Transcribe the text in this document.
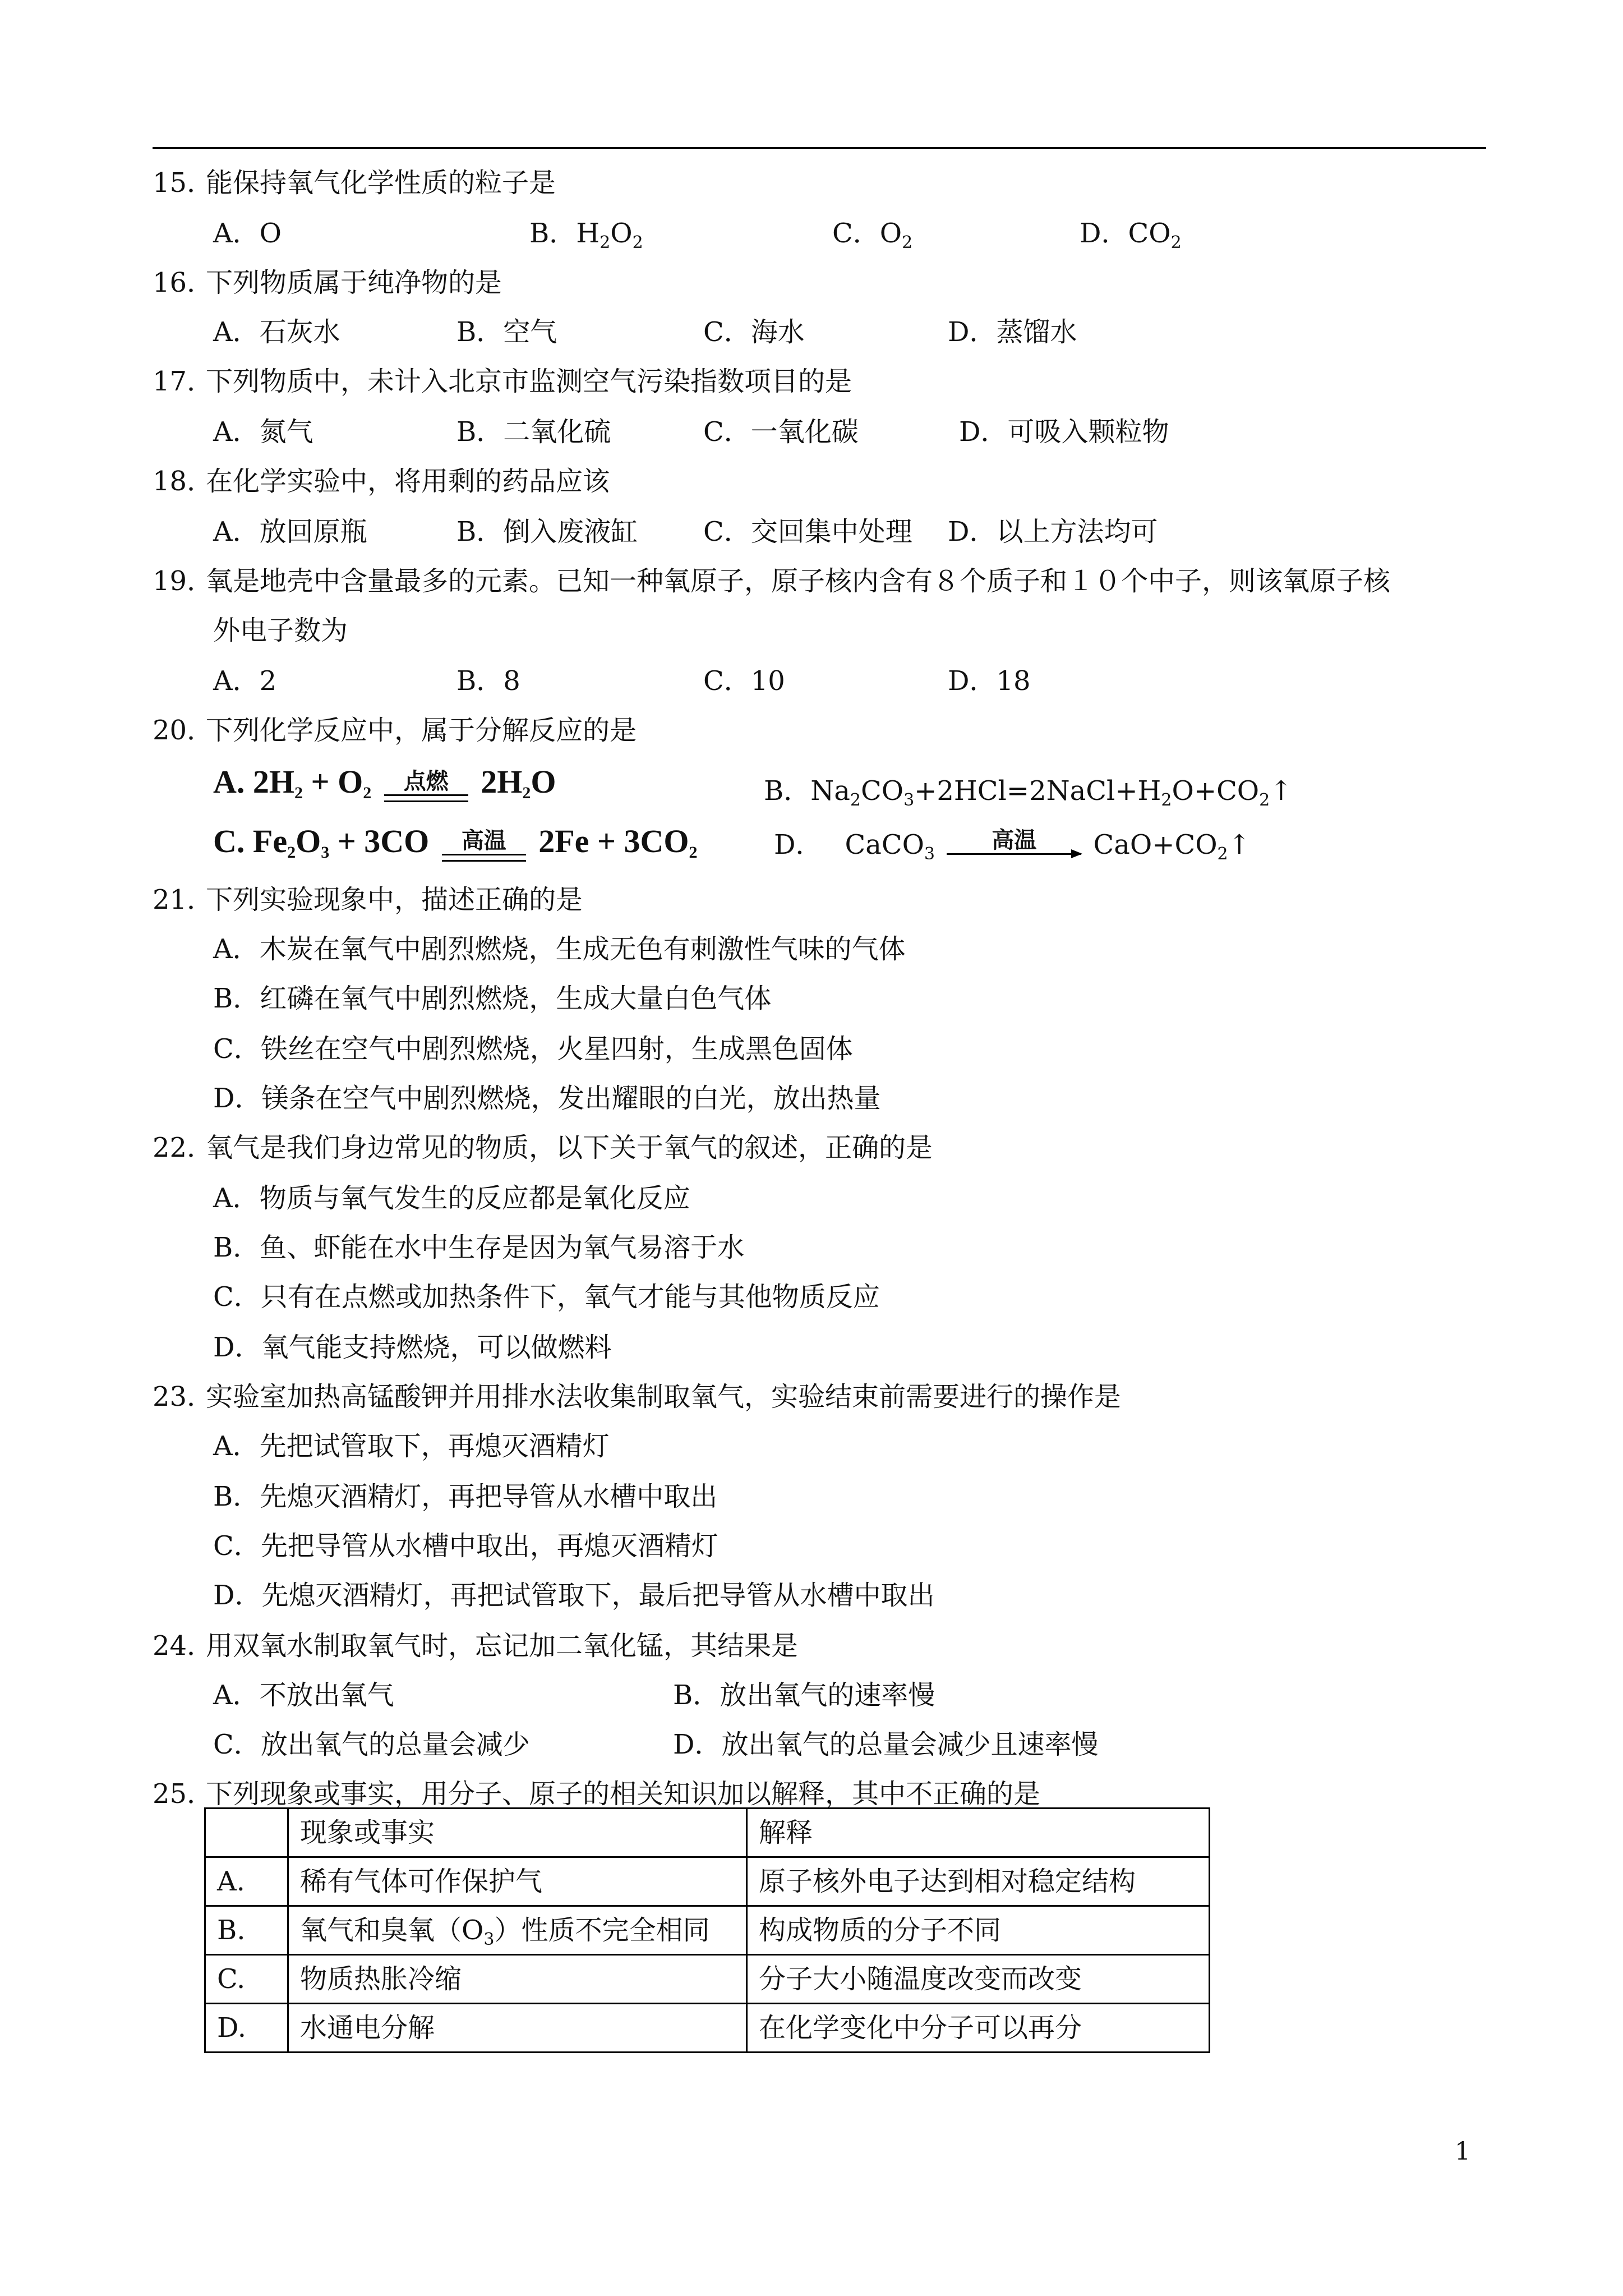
15．能保持氧气化学性质的粒子是
A．O	B．$H_2O_2$	C．$O_2$	D．$CO_2$
16．下列物质属于纯净物的是
A．石灰水	B．空气	C．海水	D．蒸馏水
17．下列物质中，未计入北京市监测空气污染指数项目的是
A．氮气	B．二氧化硫	C．一氧化碳	D．可吸入颗粒物
18．在化学实验中，将用剩的药品应该
A．放回原瓶	B．倒入废液缸 C．交回集中处理 D．以上方法均可
19．氧是地壳中含量最多的元素。已知一种氧原子，原子核内含有８个质子和１０个中子，则该氧原子核
外电子数为
A．2	B．8	C．10	D．18
20．下列化学反应中，属于分解反应的是
A. $2H_2 + O_2$	点燃 $2H_2O$	B．$Na_2CO_3+2HCl=2NaCl+H_2O+CO_2↑$
C. $Fe_2O_3 + 3CO$	高温 $2Fe + 3CO_2$	D． CaCO$_3$
高温	$CaO+CO_2↑$
21．下列实验现象中，描述正确的是
A．木炭在氧气中剧烈燃烧，生成无色有刺激性气味的气体
B．红磷在氧气中剧烈燃烧，生成大量白色气体
C．铁丝在空气中剧烈燃烧，火星四射，生成黑色固体
D．镁条在空气中剧烈燃烧，发出耀眼的白光，放出热量
22．氧气是我们身边常见的物质，以下关于氧气的叙述，正确的是
A．物质与氧气发生的反应都是氧化反应
B．鱼、虾能在水中生存是因为氧气易溶于水
C．只有在点燃或加热条件下，氧气才能与其他物质反应
D．氧气能支持燃烧，可以做燃料
23．实验室加热高锰酸钾并用排水法收集制取氧气，实验结束前需要进行的操作是
A．先把试管取下，再熄灭酒精灯
B．先熄灭酒精灯，再把导管从水槽中取出
C．先把导管从水槽中取出，再熄灭酒精灯
D．先熄灭酒精灯，再把试管取下，最后把导管从水槽中取出
24．用双氧水制取氧气时，忘记加二氧化锰，其结果是
A．不放出氧气	B．放出氧气的速率慢
C．放出氧气的总量会减少	D．放出氧气的总量会减少且速率慢
25．下列现象或事实，用分子、原子的相关知识加以解释，其中不正确的是
	现象或事实	解释
A.	稀有气体可作保护气	原子核外电子达到相对稳定结构
B.	氧气和臭氧$(O_3)$性质不完全相同	构成物质的分子不同
C.	物质热胀冷缩	分子大小随温度改变而改变
D.	水通电分解	在化学变化中分子可以再分
1
